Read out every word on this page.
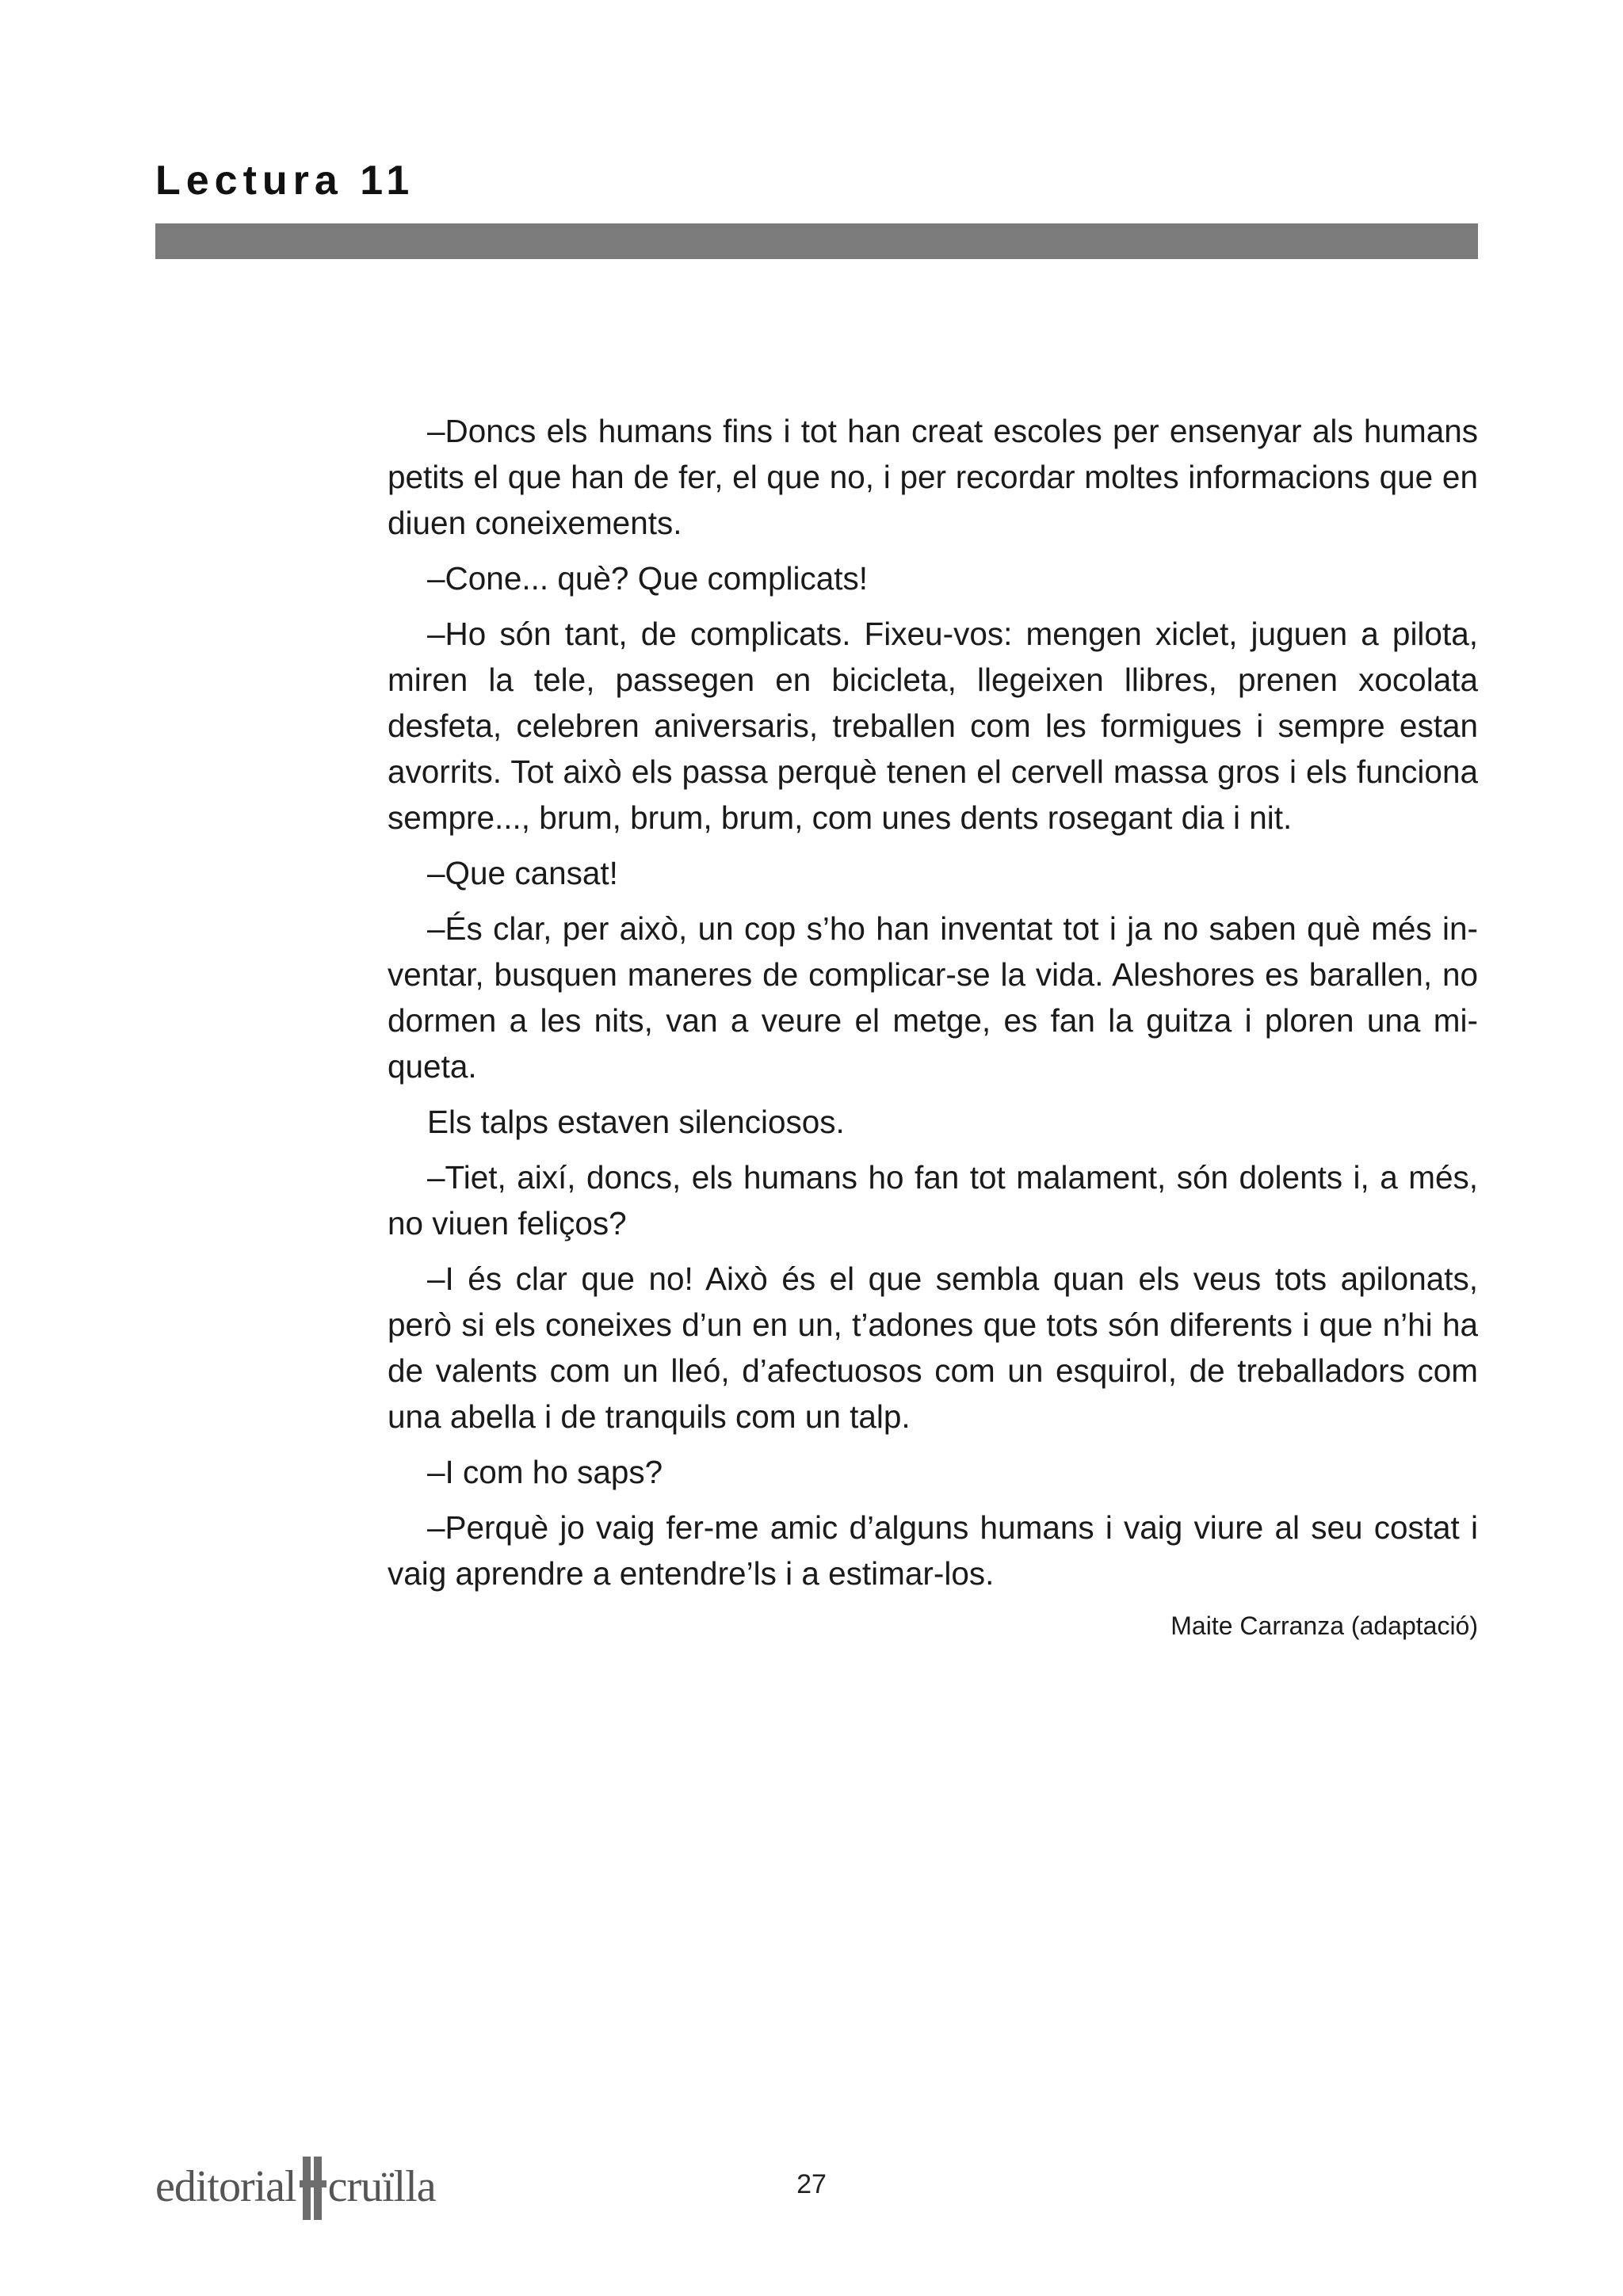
Lectura 11

–Doncs els humans fins i tot han creat escoles per ensenyar als humans petits el que han de fer, el que no, i per recordar moltes informacions que en diuen coneixements.

–Cone... què? Que complicats!

–Ho són tant, de complicats. Fixeu-vos: mengen xiclet, juguen a pilota, miren la tele, passegen en bicicleta, llegeixen llibres, prenen xocolata desfeta, celebren aniversaris, treballen com les formigues i sempre estan avorrits. Tot això els passa perquè tenen el cervell massa gros i els funciona sempre..., brum, brum, brum, com unes dents rosegant dia i nit.

–Que cansat!

–És clar, per això, un cop s’ho han inventat tot i ja no saben què més inventar, busquen maneres de complicar-se la vida. Aleshores es barallen, no dormen a les nits, van a veure el metge, es fan la guitza i ploren una miqueta.

Els talps estaven silenciosos.

–Tiet, així, doncs, els humans ho fan tot malament, són dolents i, a més, no viuen feliços?

–I és clar que no! Això és el que sembla quan els veus tots apilonats, però si els coneixes d’un en un, t’adones que tots són diferents i que n’hi ha de valents com un lleó, d’afectuosos com un esquirol, de treballadors com una abella i de tranquils com un talp.

–I com ho saps?

–Perquè jo vaig fer-me amic d’alguns humans i vaig viure al seu costat i vaig aprendre a entendre’ls i a estimar-los.

Maite Carranza (adaptació)
editorial cruïlla	27
